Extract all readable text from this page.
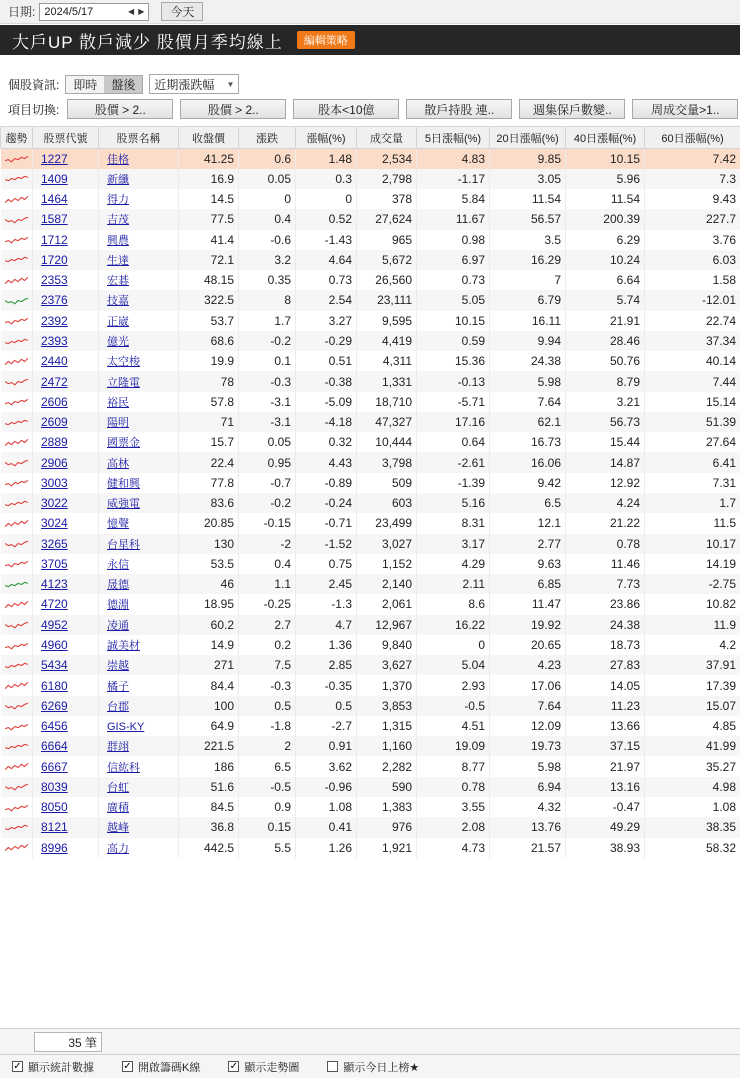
日期: 2024/5/17	◀ ▶	今天
大戶UP 散戶減少 股價月季均線上	編輯策略
個股資訊:	即時	盤後	近期漲跌幅 ▼
項目切換:	股價 > 2..	股價 > 2..	股本<10億	散戶持股 連..	週集保戶數變..	周成交量>1..
趨勢	股票代號	股票名稱	收盤價	漲跌	漲幅(%)	成交量	5日漲幅(%)	20日漲幅(%)	40日漲幅(%)	60日漲幅(%)

	1227	佳格	41.25	0.6	1.48	2,534	4.83	9.85	10.15	7.42

	1409	新纖	16.9	0.05	0.3	2,798	-1.17	3.05	5.96	7.3

	1464	得力	14.5	0	0	378	5.84	11.54	11.54	9.43

	1587	吉茂	77.5	0.4	0.52	27,624	11.67	56.57	200.39	227.7

	1712	興農	41.4	-0.6	-1.43	965	0.98	3.5	6.29	3.76

	1720	生達	72.1	3.2	4.64	5,672	6.97	16.29	10.24	6.03

	2353	宏碁	48.15	0.35	0.73	26,560	0.73	7	6.64	1.58

	2376	技嘉	322.5	8	2.54	23,111	5.05	6.79	5.74	-12.01

	2392	正崴	53.7	1.7	3.27	9,595	10.15	16.11	21.91	22.74

	2393	億光	68.6	-0.2	-0.29	4,419	0.59	9.94	28.46	37.34

	2440	太空梭	19.9	0.1	0.51	4,311	15.36	24.38	50.76	40.14

	2472	立隆電	78	-0.3	-0.38	1,331	-0.13	5.98	8.79	7.44

	2606	裕民	57.8	-3.1	-5.09	18,710	-5.71	7.64	3.21	15.14

	2609	陽明	71	-3.1	-4.18	47,327	17.16	62.1	56.73	51.39

	2889	國票金	15.7	0.05	0.32	10,444	0.64	16.73	15.44	27.64

	2906	高林	22.4	0.95	4.43	3,798	-2.61	16.06	14.87	6.41

	3003	健和興	77.8	-0.7	-0.89	509	-1.39	9.42	12.92	7.31

	3022	威強電	83.6	-0.2	-0.24	603	5.16	6.5	4.24	1.7

	3024	憶聲	20.85	-0.15	-0.71	23,499	8.31	12.1	21.22	11.5

	3265	台星科	130	-2	-1.52	3,027	3.17	2.77	0.78	10.17

	3705	永信	53.5	0.4	0.75	1,152	4.29	9.63	11.46	14.19

	4123	晟德	46	1.1	2.45	2,140	2.11	6.85	7.73	-2.75

	4720	德淵	18.95	-0.25	-1.3	2,061	8.6	11.47	23.86	10.82

	4952	凌通	60.2	2.7	4.7	12,967	16.22	19.92	24.38	11.9

	4960	誠美材	14.9	0.2	1.36	9,840	0	20.65	18.73	4.2

	5434	崇越	271	7.5	2.85	3,627	5.04	4.23	27.83	37.91

	6180	橘子	84.4	-0.3	-0.35	1,370	2.93	17.06	14.05	17.39

	6269	台郡	100	0.5	0.5	3,853	-0.5	7.64	11.23	15.07

	6456	GIS-KY	64.9	-1.8	-2.7	1,315	4.51	12.09	13.66	4.85

	6664	群翊	221.5	2	0.91	1,160	19.09	19.73	37.15	41.99

	6667	信紘科	186	6.5	3.62	2,282	8.77	5.98	21.97	35.27

	8039	台虹	51.6	-0.5	-0.96	590	0.78	6.94	13.16	4.98

	8050	廣積	84.5	0.9	1.08	1,383	3.55	4.32	-0.47	1.08

	8121	越峰	36.8	0.15	0.41	976	2.08	13.76	49.29	38.35

	8996	高力	442.5	5.5	1.26	1,921	4.73	21.57	38.93	58.32
35 筆
✓ 顯示統計數據	✓ 開啟籌碼K線	✓ 顯示走勢圖	顯示今日上榜★
